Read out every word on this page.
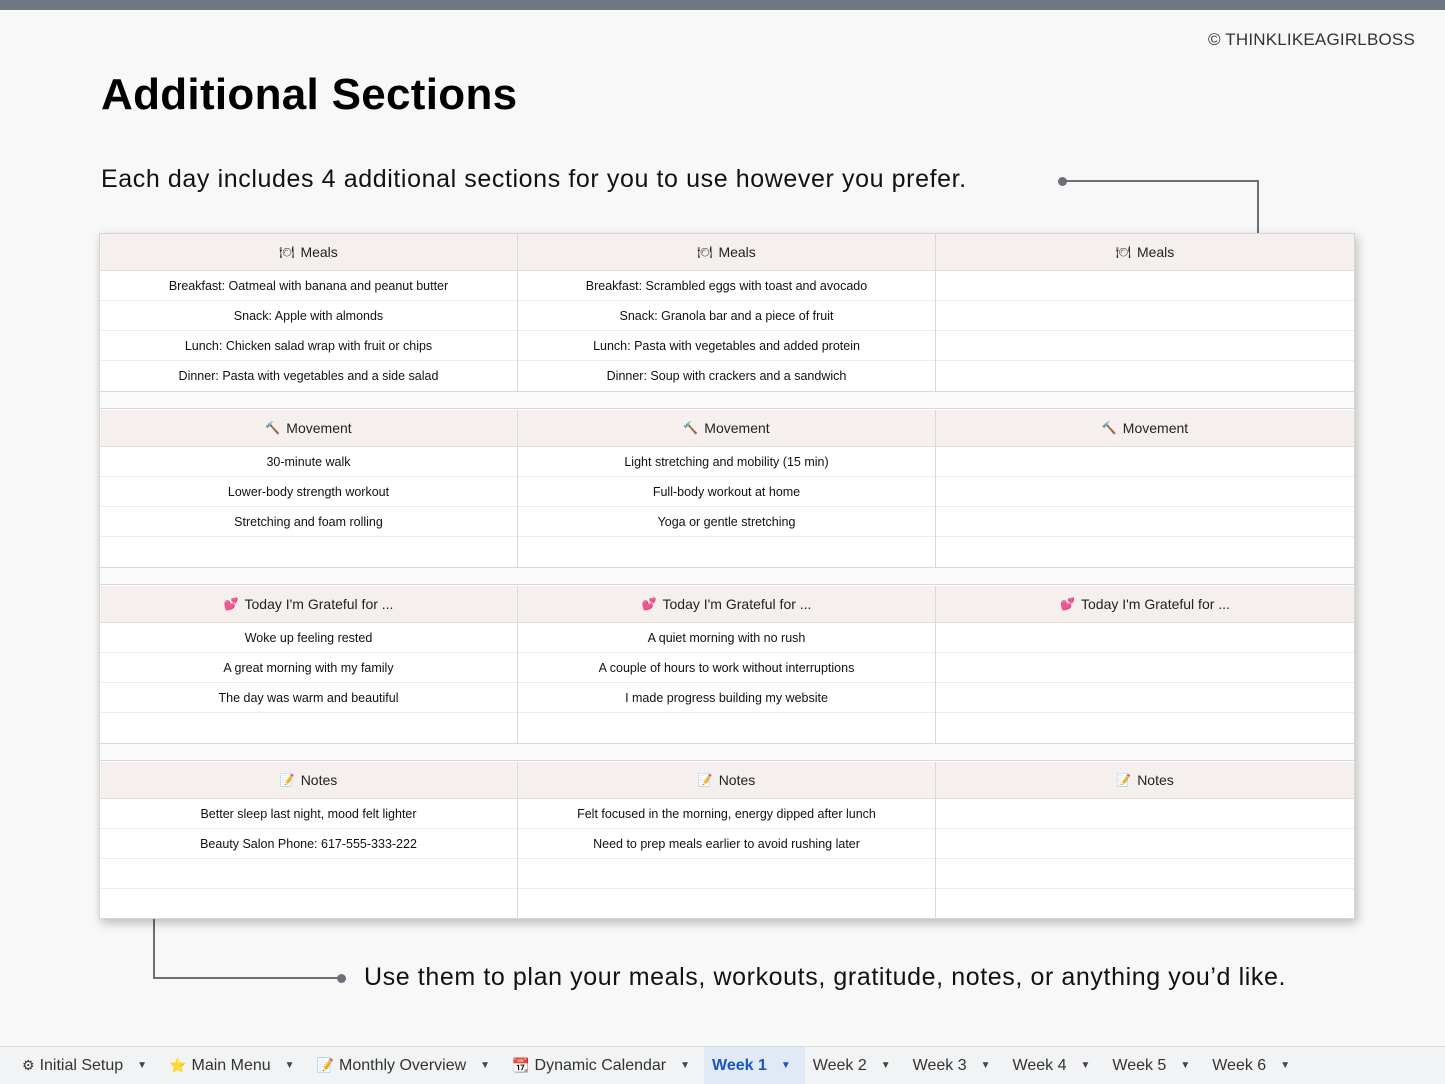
© THINKLIKEAGIRLBOSS
Additional Sections
Each day includes 4 additional sections for you to use however you prefer.
Use them to plan your meals, workouts, gratitude, notes, or anything you’d like.
🍽 Meals
Breakfast: Oatmeal with banana and peanut butter
Snack: Apple with almonds
Lunch: Chicken salad wrap with fruit or chips
Dinner: Pasta with vegetables and a side salad
🍽 Meals
Breakfast: Scrambled eggs with toast and avocado
Snack: Granola bar and a piece of fruit
Lunch: Pasta with vegetables and added protein
Dinner: Soup with crackers and a sandwich
🍽 Meals
🔨 Movement
30-minute walk
Lower-body strength workout
Stretching and foam rolling
🔨 Movement
Light stretching and mobility (15 min)
Full-body workout at home
Yoga or gentle stretching
🔨 Movement
💕 Today I'm Grateful for ...
Woke up feeling rested
A great morning with my family
The day was warm and beautiful
💕 Today I'm Grateful for ...
A quiet morning with no rush
A couple of hours to work without interruptions
I made progress building my website
💕 Today I'm Grateful for ...
📝 Notes
Better sleep last night, mood felt lighter
Beauty Salon Phone: 617-555-333-222
📝 Notes
Felt focused in the morning, energy dipped after lunch
Need to prep meals earlier to avoid rushing later
📝 Notes
⚙ Initial Setup ▼ ⭐ Main Menu ▼ 📝 Monthly Overview ▼ 📆 Dynamic Calendar ▼ Week 1 ▼ Week 2 ▼ Week 3 ▼ Week 4 ▼ Week 5 ▼ Week 6 ▼
